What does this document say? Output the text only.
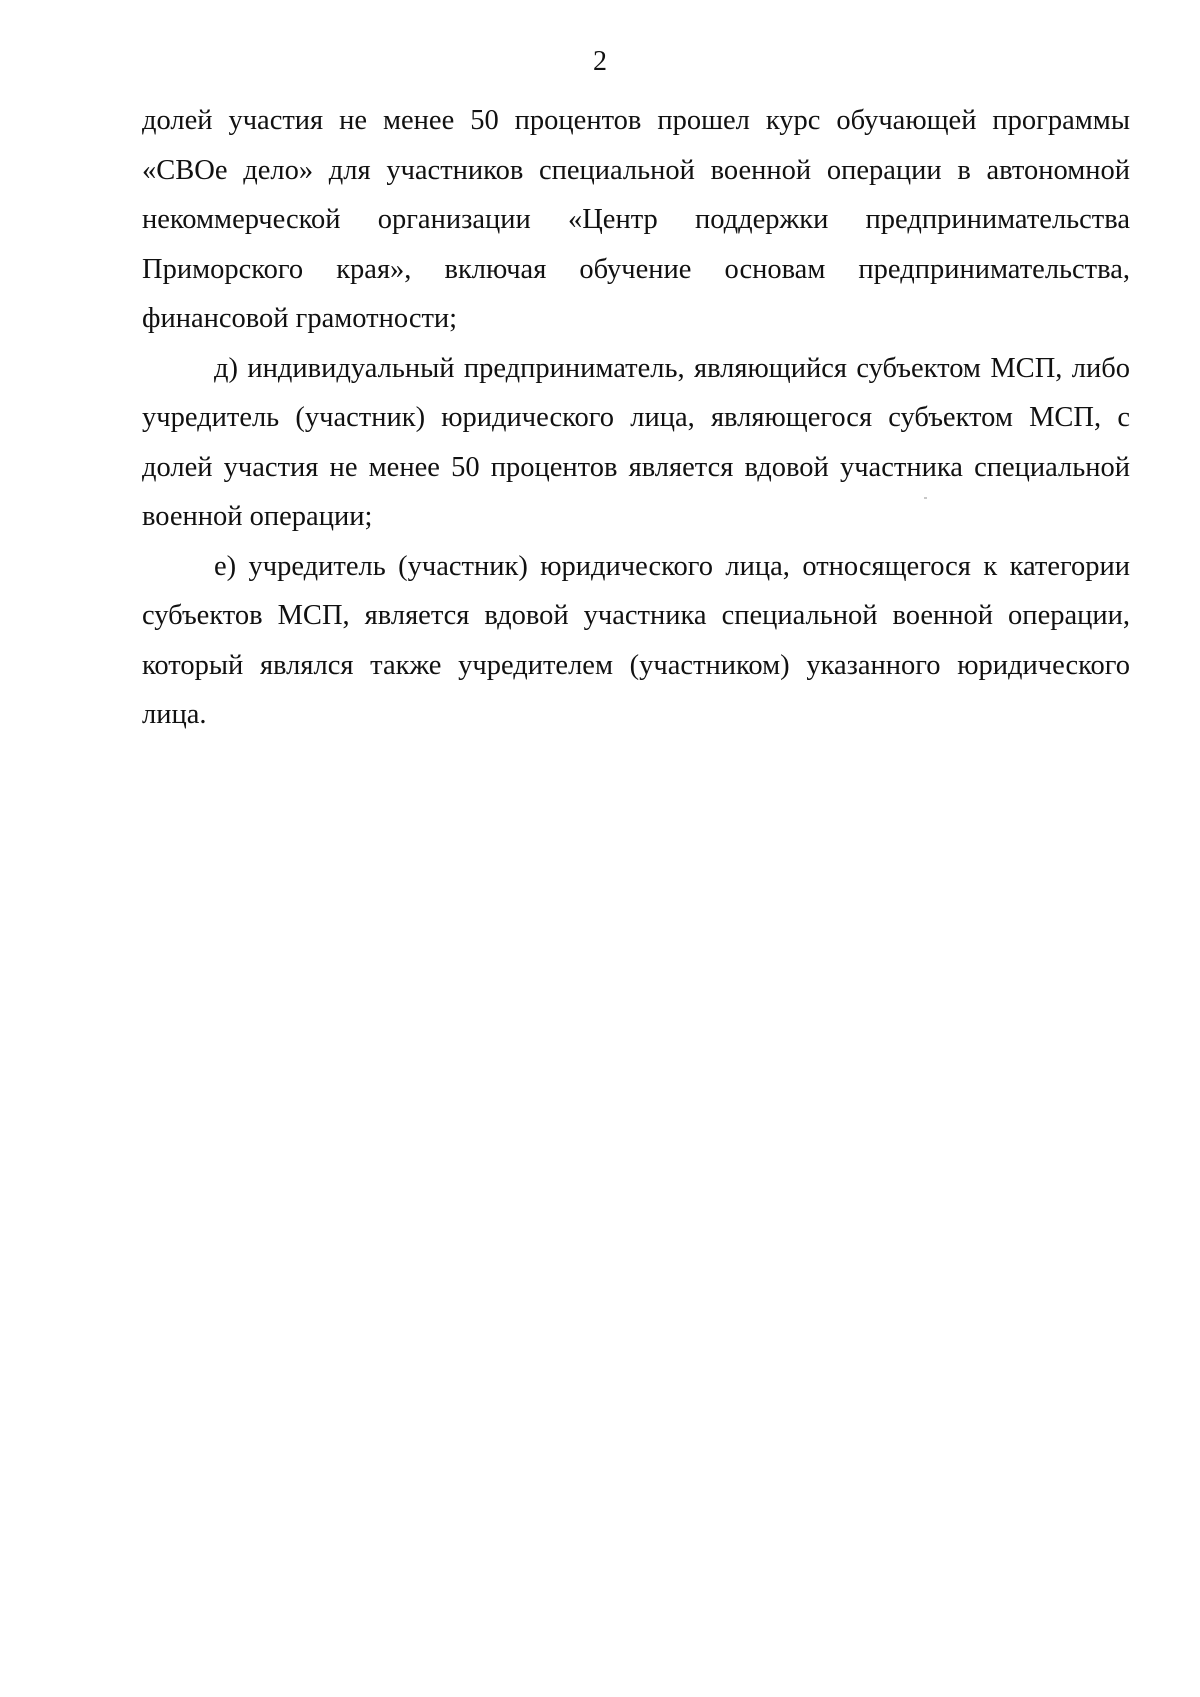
2

долей участия не менее 50 процентов прошел курс обучающей программы «СВОе дело» для участников специальной военной операции в автономной некоммерческой организации «Центр поддержки предпринимательства Приморского края», включая обучение основам предпринимательства, финансовой грамотности;

д) индивидуальный предприниматель, являющийся субъектом МСП, либо учредитель (участник) юридического лица, являющегося субъектом МСП, с долей участия не менее 50 процентов является вдовой участника специальной военной операции;

е) учредитель (участник) юридического лица, относящегося к категории субъектов МСП, является вдовой участника специальной военной операции, который являлся также учредителем (участником) указанного юридического лица.
